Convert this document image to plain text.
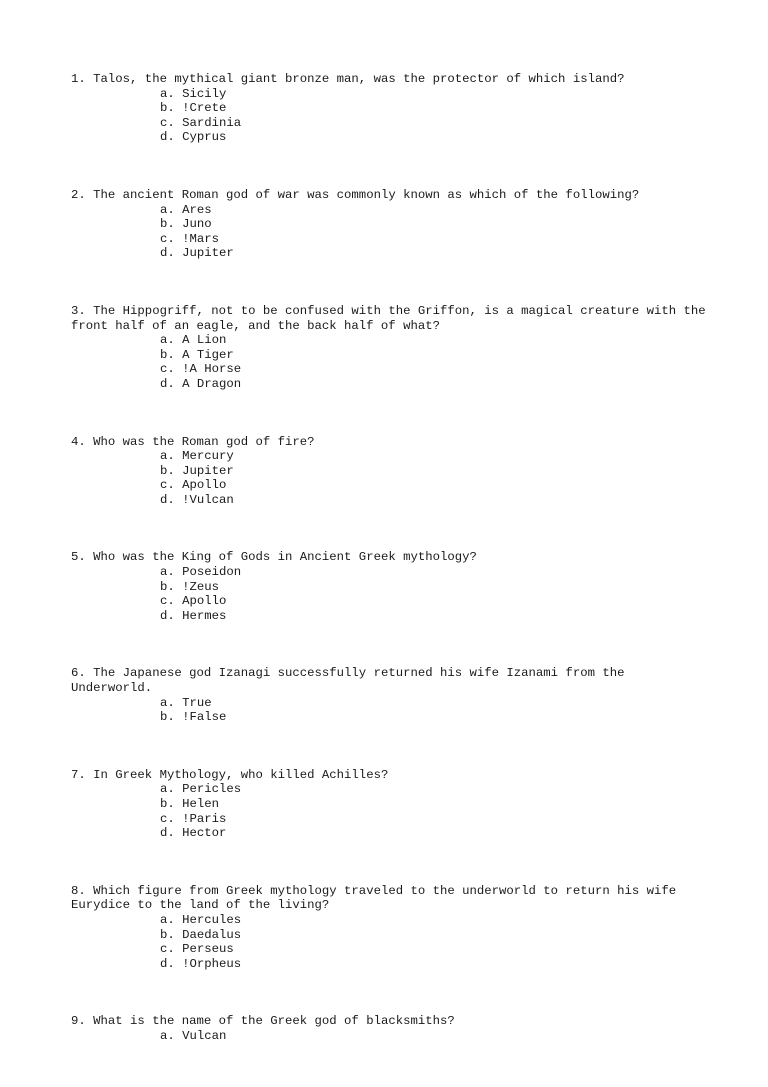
1. Talos, the mythical giant bronze man, was the protector of which island?

a. Sicily
b. !Crete
c. Sardinia
d. Cyprus

2. The ancient Roman god of war was commonly known as which of the following?

a. Ares
b. Juno
c. !Mars
d. Jupiter

3. The Hippogriff, not to be confused with the Griffon, is a magical creature with the front half of an eagle, and the back half of what?

a. A Lion
b. A Tiger
c. !A Horse
d. A Dragon

4. Who was the Roman god of fire?

a. Mercury
b. Jupiter
c. Apollo
d. !Vulcan

5. Who was the King of Gods in Ancient Greek mythology?

a. Poseidon
b. !Zeus
c. Apollo
d. Hermes

6. The Japanese god Izanagi successfully returned his wife Izanami from the Underworld.

a. True
b. !False

7. In Greek Mythology, who killed Achilles?

a. Pericles
b. Helen
c. !Paris
d. Hector

8. Which figure from Greek mythology traveled to the underworld to return his wife Eurydice to the land of the living?

a. Hercules
b. Daedalus
c. Perseus
d. !Orpheus

9. What is the name of the Greek god of blacksmiths?

a. Vulcan
